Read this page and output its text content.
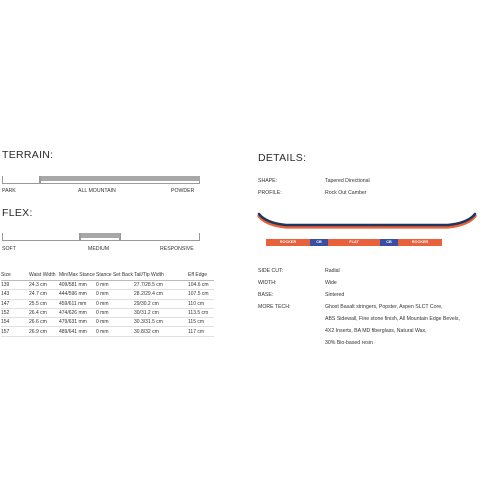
TERRAIN:
PARK	ALL MOUNTAIN	POWDER
FLEX:
SOFT	MEDIUM	RESPONSIVE
Size	Waist Width	Min/Max Stance	Stance Set Back	Tail/Tip Width	Eff Edge
139	24.3 cm	409/581 mm	0 mm	27.7/28.5 cm	104.6 cm
143	24.7 cm	444/596 mm	0 mm	28.2/29.4 cm	107.5 cm
147	25.5 cm	459/611 mm	0 mm	29/30.2 cm	110 cm
152	26.4 cm	474/626 mm	0 mm	30/31.2 cm	113.5 cm
154	26.6 cm	479/631 mm	0 mm	30.3/31.5 cm	115 cm
157	26.9 cm	489/641 mm	0 mm	30.8/32 cm	117 cm
DETAILS:
SHAPE:	Tapered Directional
PROFILE:	Rock Out Camber
ROCKER	CB	FLAT	CB	ROCKER
SIDE CUT:	Radial
WIDTH:	Wide
BASE:	Sintered
MORE TECH:	Ghost Basalt stringers, Popster, Aspen SLCT Core,
ABS Sidewall, Fine stone finish, All Mountain Edge Bevels,
4X2 Inserts, BA MD fiberglass, Natural Wax,
30% Bio-based resin
